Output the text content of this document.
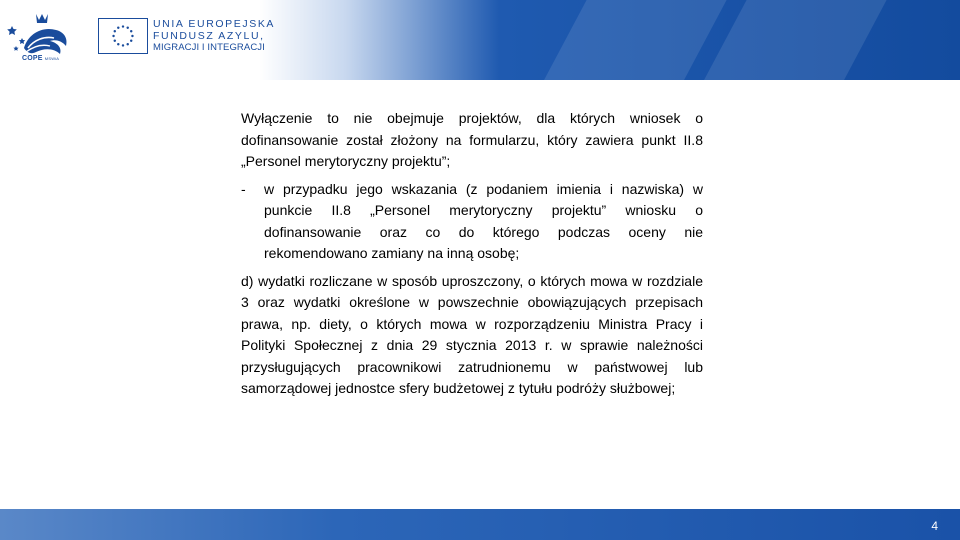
COPE MSWiA
UNIA EUROPEJSKA
FUNDUSZ AZYLU,
MIGRACJI I INTEGRACJI

Wyłączenie to nie obejmuje projektów, dla których wniosek o dofinansowanie został złożony na formularzu, który zawiera punkt II.8 „Personel merytoryczny projektu”;

- w przypadku jego wskazania (z podaniem imienia i nazwiska) w punkcie II.8 „Personel merytoryczny projektu” wniosku o dofinansowanie oraz co do którego podczas oceny nie rekomendowano zamiany na inną osobę;

d) wydatki rozliczane w sposób uproszczony, o których mowa w rozdziale 3 oraz wydatki określone w powszechnie obowiązujących przepisach prawa, np. diety, o których mowa w rozporządzeniu Ministra Pracy i Polityki Społecznej z dnia 29 stycznia 2013 r. w sprawie należności przysługujących pracownikowi zatrudnionemu w państwowej lub samorządowej jednostce sfery budżetowej z tytułu podróży służbowej;

4
